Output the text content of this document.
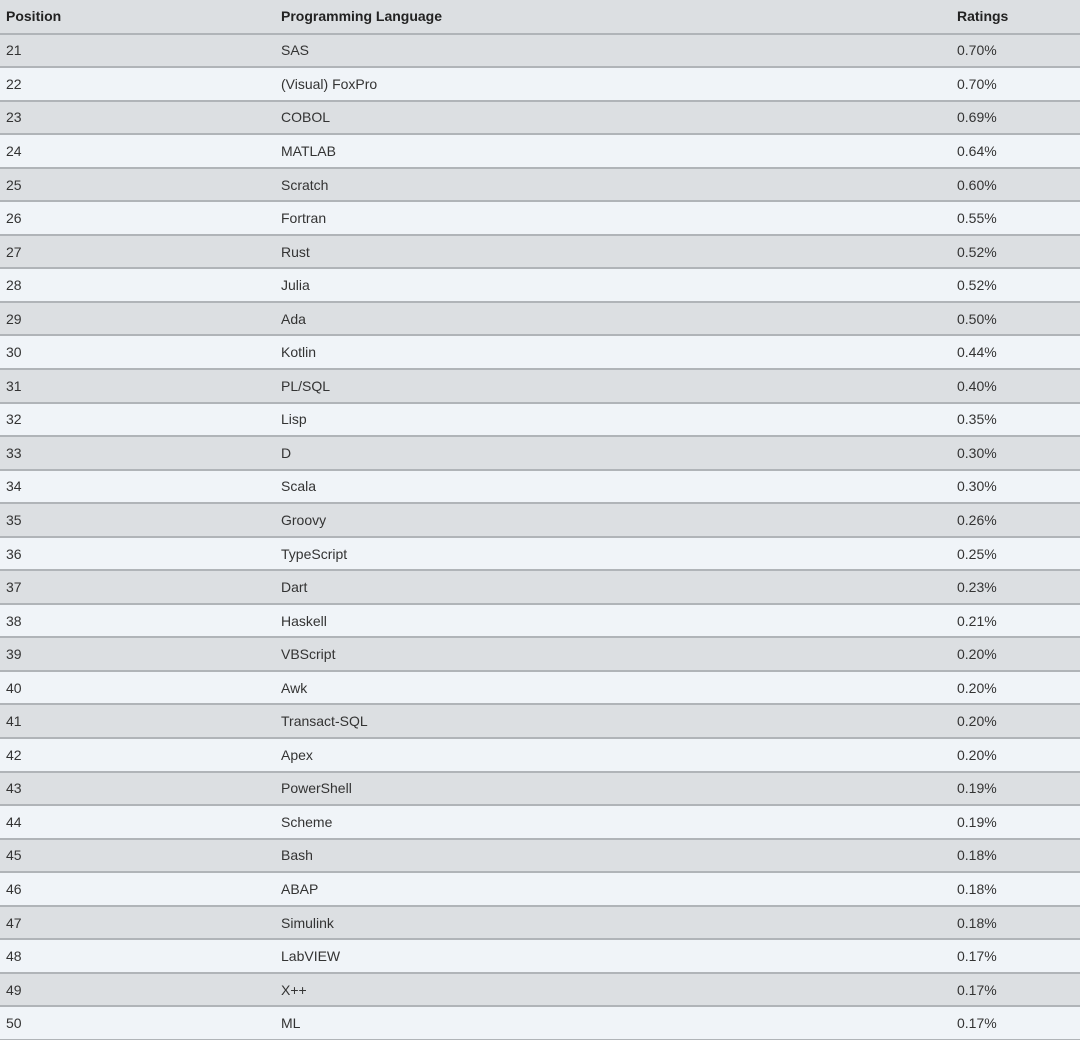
Position	Programming Language	Ratings
21	SAS	0.70%
22	(Visual) FoxPro	0.70%
23	COBOL	0.69%
24	MATLAB	0.64%
25	Scratch	0.60%
26	Fortran	0.55%
27	Rust	0.52%
28	Julia	0.52%
29	Ada	0.50%
30	Kotlin	0.44%
31	PL/SQL	0.40%
32	Lisp	0.35%
33	D	0.30%
34	Scala	0.30%
35	Groovy	0.26%
36	TypeScript	0.25%
37	Dart	0.23%
38	Haskell	0.21%
39	VBScript	0.20%
40	Awk	0.20%
41	Transact-SQL	0.20%
42	Apex	0.20%
43	PowerShell	0.19%
44	Scheme	0.19%
45	Bash	0.18%
46	ABAP	0.18%
47	Simulink	0.18%
48	LabVIEW	0.17%
49	X++	0.17%
50	ML	0.17%
